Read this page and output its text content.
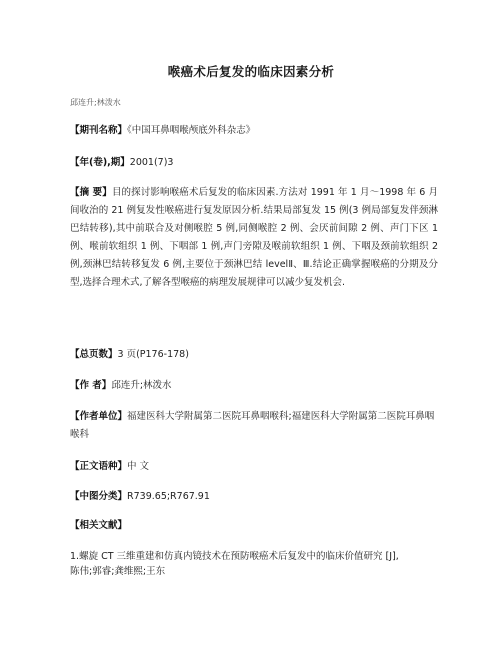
喉癌术后复发的临床因素分析
邱连升;林泼水
【期刊名称】《中国耳鼻咽喉颅底外科杂志》
【年(卷),期】2001(7)3
【摘 要】目的探讨影响喉癌术后复发的临床因素.方法对 1991 年 1 月～1998 年 6 月间收治的 21 例复发性喉癌进行复发原因分析.结果局部复发 15 例(3 例局部复发伴颈淋巴结转移),其中前联合及对侧喉腔 5 例,同侧喉腔 2 例、会厌前间隙 2 例、声门下区 1 例、喉前软组织 1 例、下咽部 1 例,声门旁隙及喉前软组织 1 例、下咽及颈前软组织 2 例,颈淋巴结转移复发 6 例,主要位于颈淋巴结 levelⅡ、Ⅲ.结论正确掌握喉癌的分期及分型,选择合理术式,了解各型喉癌的病理发展规律可以减少复发机会.
【总页数】3 页(P176-178)
【作 者】邱连升;林泼水
【作者单位】福建医科大学附属第二医院耳鼻咽喉科;福建医科大学附属第二医院耳鼻咽喉科
【正文语种】中 文
【中图分类】R739.65;R767.91
【相关文献】
1.螺旋 CT 三维重建和仿真内镜技术在预防喉癌术后复发中的临床价值研究 [J],
陈伟;郭睿;龚维熙;王东
